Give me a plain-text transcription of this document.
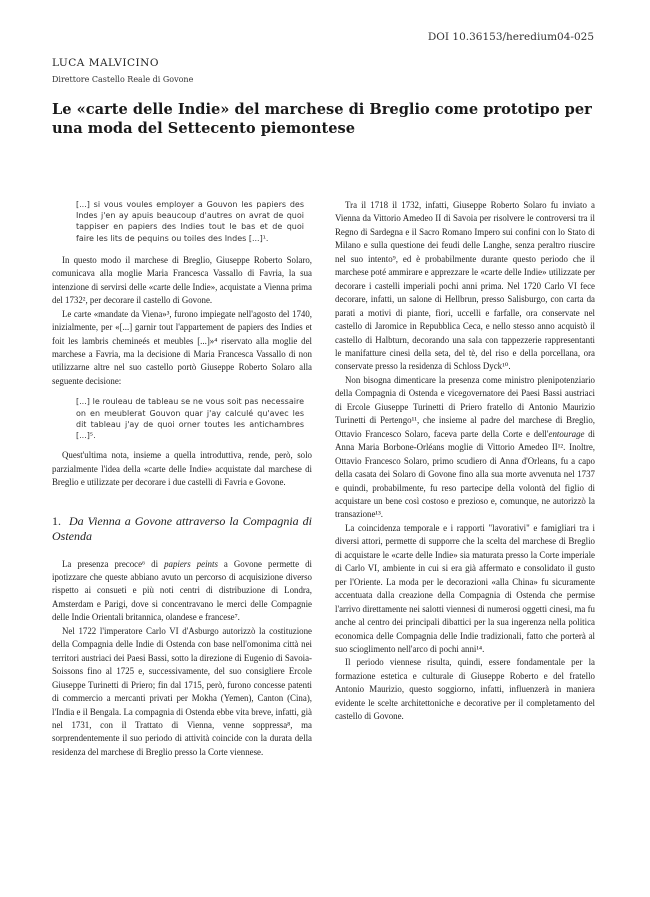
DOI 10.36153/heredium04-025
LUCA MALVICINO
Direttore Castello Reale di Govone
Le «carte delle Indie» del marchese di Breglio come prototipo per una moda del Settecento piemontese
[...] si vous voules employer a Gouvon les papiers des Indes j'en ay apuis beaucoup d'autres on avrat de quoi tappiser en papiers des Indies tout le bas et de quoi faire les lits de pequins ou toiles des Indes [...]¹.

In questo modo il marchese di Breglio, Giuseppe Roberto Solaro, comunicava alla moglie Maria Francesca Vassallo di Favria, la sua intenzione di servirsi delle «carte delle Indie», acquistate a Vienna prima del 1732², per decorare il castello di Govone.

Le carte «mandate da Viena»³, furono impiegate nell'agosto del 1740, inizialmente, per «[...] garnir tout l'appartement de papiers des Indies et foit les lambris chemineés et meubles [...]»⁴ riservato alla moglie del marchese a Favria, ma la decisione di Maria Francesca Vassallo di non utilizzarne altre nel suo castello portò Giuseppe Roberto Solaro alla seguente decisione:

[...] le rouleau de tableau se ne vous soit pas necessaire on en meublerat Gouvon quar j'ay calculé qu'avec les dit tableau j'ay de quoi orner toutes les antichambres [...]⁵.

Quest'ultima nota, insieme a quella introduttiva, rende, però, solo parzialmente l'idea della «carte delle Indie» acquistate dal marchese di Breglio e utilizzate per decorare i due castelli di Favria e Govone.

1. Da Vienna a Govone attraverso la Compagnia di Ostenda

La presenza precoce⁶ di papiers peints a Govone permette di ipotizzare che queste abbiano avuto un percorso di acquisizione diverso rispetto ai consueti e più noti centri di distribuzione di Londra, Amsterdam e Parigi, dove si concentravano le merci delle Compagnie delle Indie Orientali britannica, olandese e francese⁷.

Nel 1722 l'imperatore Carlo VI d'Asburgo autorizzò la costituzione della Compagnia delle Indie di Ostenda con base nell'omonima città nei territori austriaci dei Paesi Bassi, sotto la direzione di Eugenio di Savoia-Soissons fino al 1725 e, successivamente, del suo consigliere Ercole Giuseppe Turinetti di Priero; fin dal 1715, però, furono concesse patenti di commercio a mercanti privati per Mokha (Yemen), Canton (Cina), l'India e il Bengala. La compagnia di Ostenda ebbe vita breve, infatti, già nel 1731, con il Trattato di Vienna, venne soppressa⁸, ma sorprendentemente il suo periodo di attività coincide con la durata della residenza del marchese di Breglio presso la Corte viennese.

Tra il 1718 il 1732, infatti, Giuseppe Roberto Solaro fu inviato a Vienna da Vittorio Amedeo II di Savoia per risolvere le controversi tra il Regno di Sardegna e il Sacro Romano Impero sui confini con lo Stato di Milano e sulla questione dei feudi delle Langhe, senza peraltro riuscire nel suo intento⁹, ed è probabilmente durante questo periodo che il marchese poté ammirare e apprezzare le «carte delle Indie» utilizzate per decorare i castelli imperiali pochi anni prima. Nel 1720 Carlo VI fece decorare, infatti, un salone di Hellbrun, presso Salisburgo, con carta da parati a motivi di piante, fiori, uccelli e farfalle, ora conservate nel castello di Jaromice in Repubblica Ceca, e nello stesso anno acquistò il castello di Halbturn, decorando una sala con tappezzerie rappresentanti le manifatture cinesi della seta, del tè, del riso e della porcellana, ora conservate presso la residenza di Schloss Dyck¹⁰.

Non bisogna dimenticare la presenza come ministro plenipotenziario della Compagnia di Ostenda e vicegovernatore dei Paesi Bassi austriaci di Ercole Giuseppe Turinetti di Priero fratello di Antonio Maurizio Turinetti di Pertengo¹¹, che insieme al padre del marchese di Breglio, Ottavio Francesco Solaro, faceva parte della Corte e dell'entourage di Anna Maria Borbone-Orléans moglie di Vittorio Amedeo II¹². Inoltre, Ottavio Francesco Solaro, primo scudiero di Anna d'Orleans, fu a capo della casata dei Solaro di Govone fino alla sua morte avvenuta nel 1737 e quindi, probabilmente, fu reso partecipe della volontà del figlio di acquistare un bene così costoso e prezioso e, comunque, ne autorizzò la transazione¹³.

La coincidenza temporale e i rapporti "lavorativi" e famigliari tra i diversi attori, permette di supporre che la scelta del marchese di Breglio di acquistare le «carte delle Indie» sia maturata presso la Corte imperiale di Carlo VI, ambiente in cui si era già affermato e consolidato il gusto per l'Oriente. La moda per le decorazioni «alla China» fu sicuramente accentuata dalla creazione della Compagnia di Ostenda che permise l'arrivo direttamente nei salotti viennesi di numerosi oggetti cinesi, ma fu anche al centro dei principali dibattici per la sua ingerenza nella politica economica delle Compagnia delle Indie tradizionali, fatto che porterà al suo scioglimento nell'arco di pochi anni¹⁴.

Il periodo viennese risulta, quindi, essere fondamentale per la formazione estetica e culturale di Giuseppe Roberto e del fratello Antonio Maurizio, questo soggiorno, infatti, influenzerà in maniera evidente le scelte architettoniche e decorative per il completamento del castello di Govone.
